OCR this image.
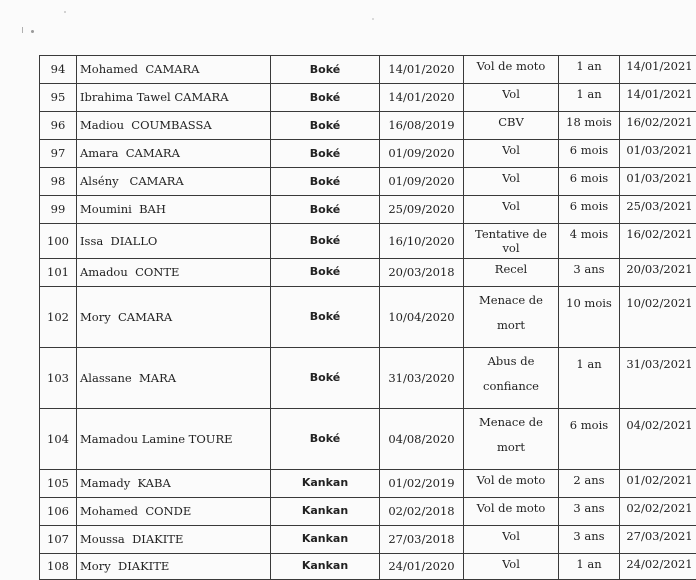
94	Mohamed  CAMARA	Boké	14/01/2020	Vol de moto	1 an	14/01/2021
95	Ibrahima Tawel CAMARA	Boké	14/01/2020	Vol	1 an	14/01/2021
96	Madiou  COUMBASSA	Boké	16/08/2019	CBV	18 mois	16/02/2021
97	Amara  CAMARA	Boké	01/09/2020	Vol	6 mois	01/03/2021
98	Alsény   CAMARA	Boké	01/09/2020	Vol	6 mois	01/03/2021
99	Moumini  BAH	Boké	25/09/2020	Vol	6 mois	25/03/2021
100	Issa  DIALLO	Boké	16/10/2020	Tentative de vol	4 mois	16/02/2021
101	Amadou  CONTE	Boké	20/03/2018	Recel	3 ans	20/03/2021
102	Mory  CAMARA	Boké	10/04/2020	Menace de
mort	10 mois	10/02/2021
103	Alassane  MARA	Boké	31/03/2020	Abus de
confiance	1 an	31/03/2021
104	Mamadou Lamine TOURE	Boké	04/08/2020	Menace de
mort	6 mois	04/02/2021
105	Mamady  KABA	Kankan	01/02/2019	Vol de moto	2 ans	01/02/2021
106	Mohamed  CONDE	Kankan	02/02/2018	Vol de moto	3 ans	02/02/2021
107	Moussa  DIAKITE	Kankan	27/03/2018	Vol	3 ans	27/03/2021
108	Mory  DIAKITE	Kankan	24/01/2020	Vol	1 an	24/02/2021
